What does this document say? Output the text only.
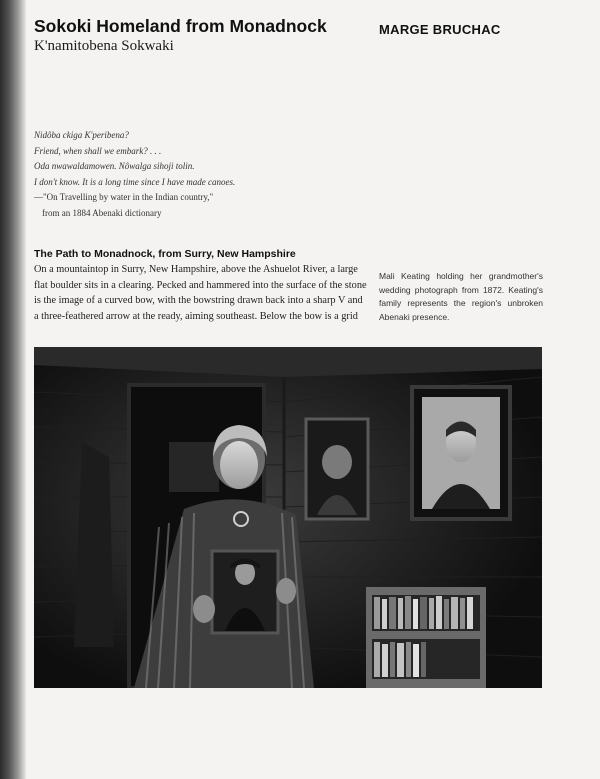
Sokoki Homeland from Monadnock
K'namitobena Sokwaki
MARGE BRUCHAC
Nidôba ckiga K'peribena?
Friend, when shall we embark? . . .
Oda nwawaldamowen. Nôwalga sihoji tolin.
I don't know. It is a long time since I have made canoes.
—"On Travelling by water in the Indian country,"
from an 1884 Abenaki dictionary
The Path to Monadnock, from Surry, New Hampshire
On a mountaintop in Surry, New Hampshire, above the Ashuelot River, a large
flat boulder sits in a clearing. Pecked and hammered into the surface of the stone
is the image of a curved bow, with the bowstring drawn back into a sharp V and
a three-feathered arrow at the ready, aiming southeast. Below the bow is a grid
Mali Keating holding her grandmother's wedding photograph from 1872. Keating's family represents the region's unbroken Abenaki presence.
